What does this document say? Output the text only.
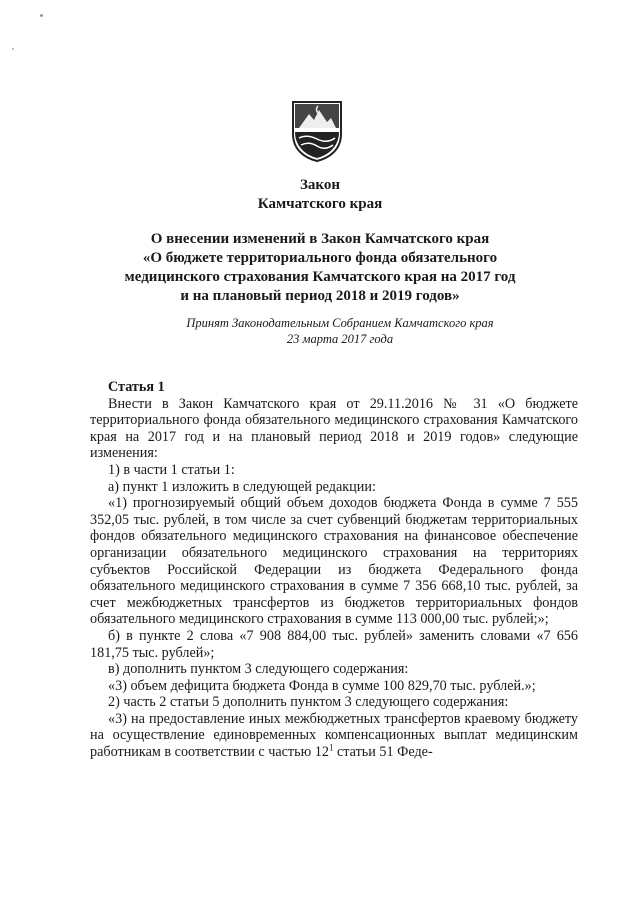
Закон
Камчатского края
О внесении изменений в Закон Камчатского края
«О бюджете территориального фонда обязательного
медицинского страхования Камчатского края на 2017 год
и на плановый период 2018 и 2019 годов»
Принят Законодательным Собранием Камчатского края
23 марта 2017 года

Статья 1

Внести в Закон Камчатского края от 29.11.2016 № 31 «О бюджете территориального фонда обязательного медицинского страхования Камчатского края на 2017 год и на плановый период 2018 и 2019 годов» следующие изменения:

1) в части 1 статьи 1:

а) пункт 1 изложить в следующей редакции:

«1) прогнозируемый общий объем доходов бюджета Фонда в сумме 7 555 352,05 тыс. рублей, в том числе за счет субвенций бюджетам территориальных фондов обязательного медицинского страхования на финансовое обеспечение организации обязательного медицинского страхования на территориях субъектов Российской Федерации из бюджета Федерального фонда обязательного медицинского страхования в сумме 7 356 668,10 тыс. рублей, за счет межбюджетных трансфертов из бюджетов территориальных фондов обязательного медицинского страхования в сумме 113 000,00 тыс. рублей;»;

б) в пункте 2 слова «7 908 884,00 тыс. рублей» заменить словами «7 656 181,75 тыс. рублей»;

в) дополнить пунктом 3 следующего содержания:

«3) объем дефицита бюджета Фонда в сумме 100 829,70 тыс. рублей.»;

2) часть 2 статьи 5 дополнить пунктом 3 следующего содержания:

«3) на предоставление иных межбюджетных трансфертов краевому бюджету на осуществление единовременных компенсационных выплат медицинским работникам в соответствии с частью $12^1$ статьи 51 Феде-
